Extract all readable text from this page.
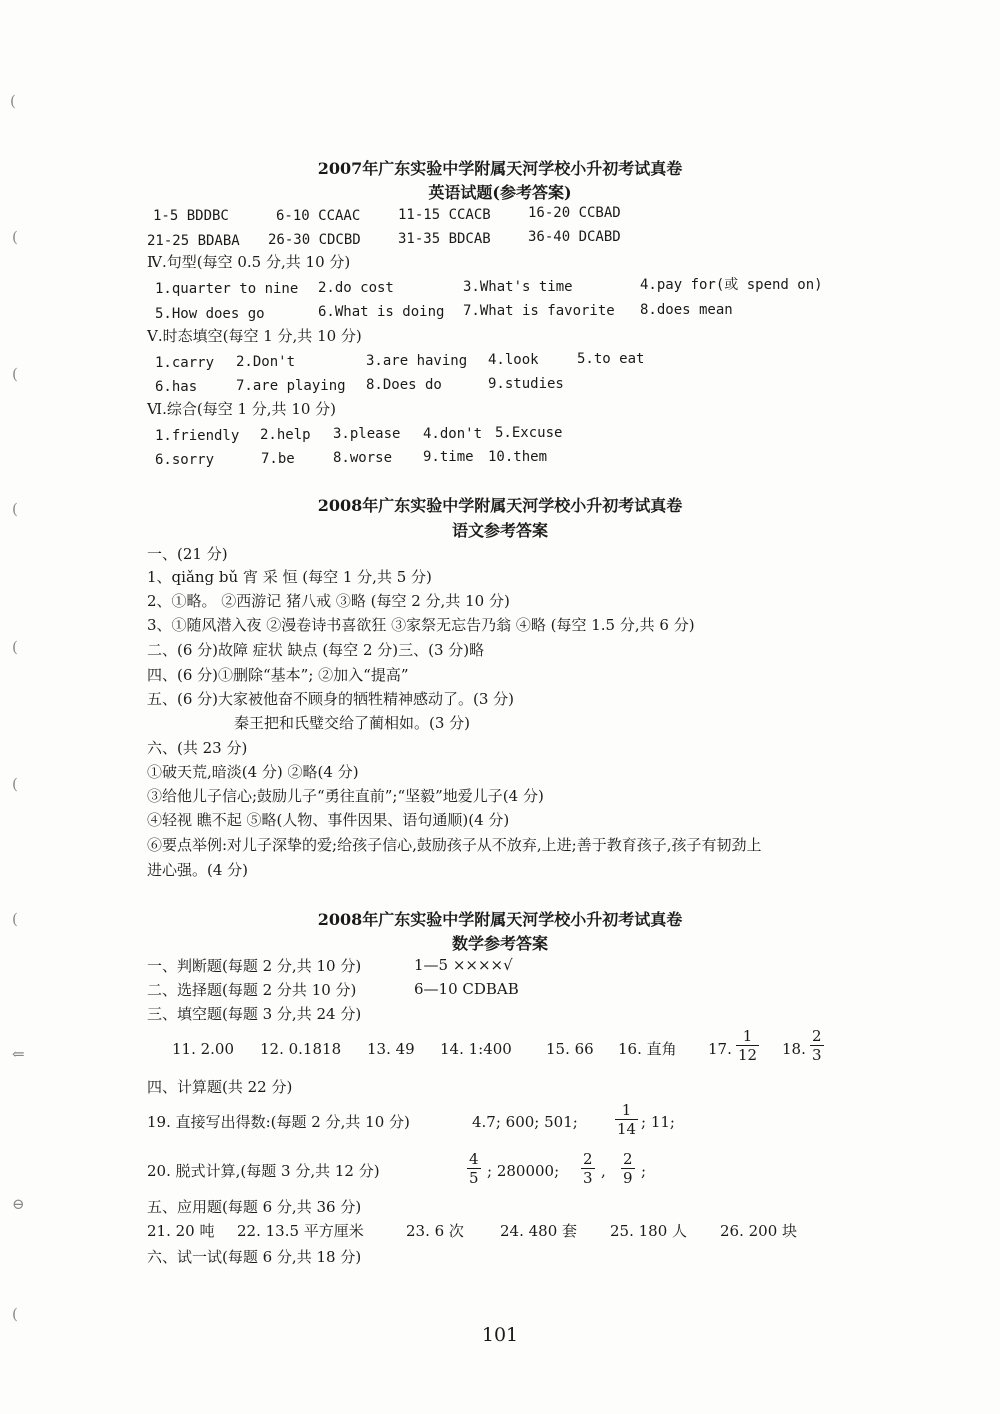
(
(
(
(
(
(
(
⇐
⊖
(
2007年广东实验中学附属天河学校小升初考试真卷
英语试题(参考答案)
1-5 BDDBC	6-10 CCAAC	11-15 CCACB	16-20 CCBAD
21-25 BDABA 26-30 CDCBD	31-35 BDCAB	36-40 DCABD
Ⅳ.句型(每空 0.5 分,共 10 分)
1.quarter to nine 2.do cost	3.What's time	4.pay for(或 spend on)
5.How does go	6.What is doing 7.What is favorite 8.does mean
Ⅴ.时态填空(每空 1 分,共 10 分)
1.carry 2.Don't	3.are having 4.look	5.to eat
6.has	7.are playing 8.Does do	9.studies
Ⅵ.综合(每空 1 分,共 10 分)
1.friendly 2.help 3.please 4.don't 5.Excuse
6.sorry	7.be	8.worse 9.time 10.them
2008年广东实验中学附属天河学校小升初考试真卷
语文参考答案
一、(21 分)
1、qiǎng bǔ 宵 采 恒 (每空 1 分,共 5 分)
2、①略。 ②西游记 猪八戒 ③略 (每空 2 分,共 10 分)
3、①随风潜入夜 ②漫卷诗书喜欲狂 ③家祭无忘告乃翁 ④略 (每空 1.5 分,共 6 分)
二、(6 分)故障 症状 缺点 (每空 2 分)三、(3 分)略
四、(6 分)①删除“基本”; ②加入“提高”
五、(6 分)大家被他奋不顾身的牺牲精神感动了。(3 分)
秦王把和氏璧交给了蔺相如。(3 分)
六、(共 23 分)
①破天荒,暗淡(4 分) ②略(4 分)
③给他儿子信心;鼓励儿子“勇往直前”;“坚毅”地爱儿子(4 分)
④轻视 瞧不起 ⑤略(人物、事件因果、语句通顺)(4 分)
⑥要点举例:对儿子深挚的爱;给孩子信心,鼓励孩子从不放弃,上进;善于教育孩子,孩子有韧劲上
进心强。(4 分)
2008年广东实验中学附属天河学校小升初考试真卷
数学参考答案
一、判断题(每题 2 分,共 10 分)	1—5 ××××√
二、选择题(每题 2 分共 10 分)	6—10 CDBAB
三、填空题(每题 3 分,共 24 分)
11. 2.00 12. 0.1818 13. 49 14. 1:400 15. 66 16. 直角 17. $\frac{1}{12} 18$. $\frac{2}{3}$
四、计算题(共 22 分)
19. 直接写出得数:(每题 2 分,共 10 分)	4.7; 600; 501; $\frac{1}{14}$ ; 11;
20. 脱式计算,(每题 3 分,共 12 分)	$\frac{4}{5}$ ; 280000; $\frac{2}{3}$ , $\frac{2}{9}$ ;
五、应用题(每题 6 分,共 36 分)
21. 20 吨 22. 13.5 平方厘米	23. 6 次 24. 480 套 25. 180 人 26. 200 块
六、试一试(每题 6 分,共 18 分)
101
